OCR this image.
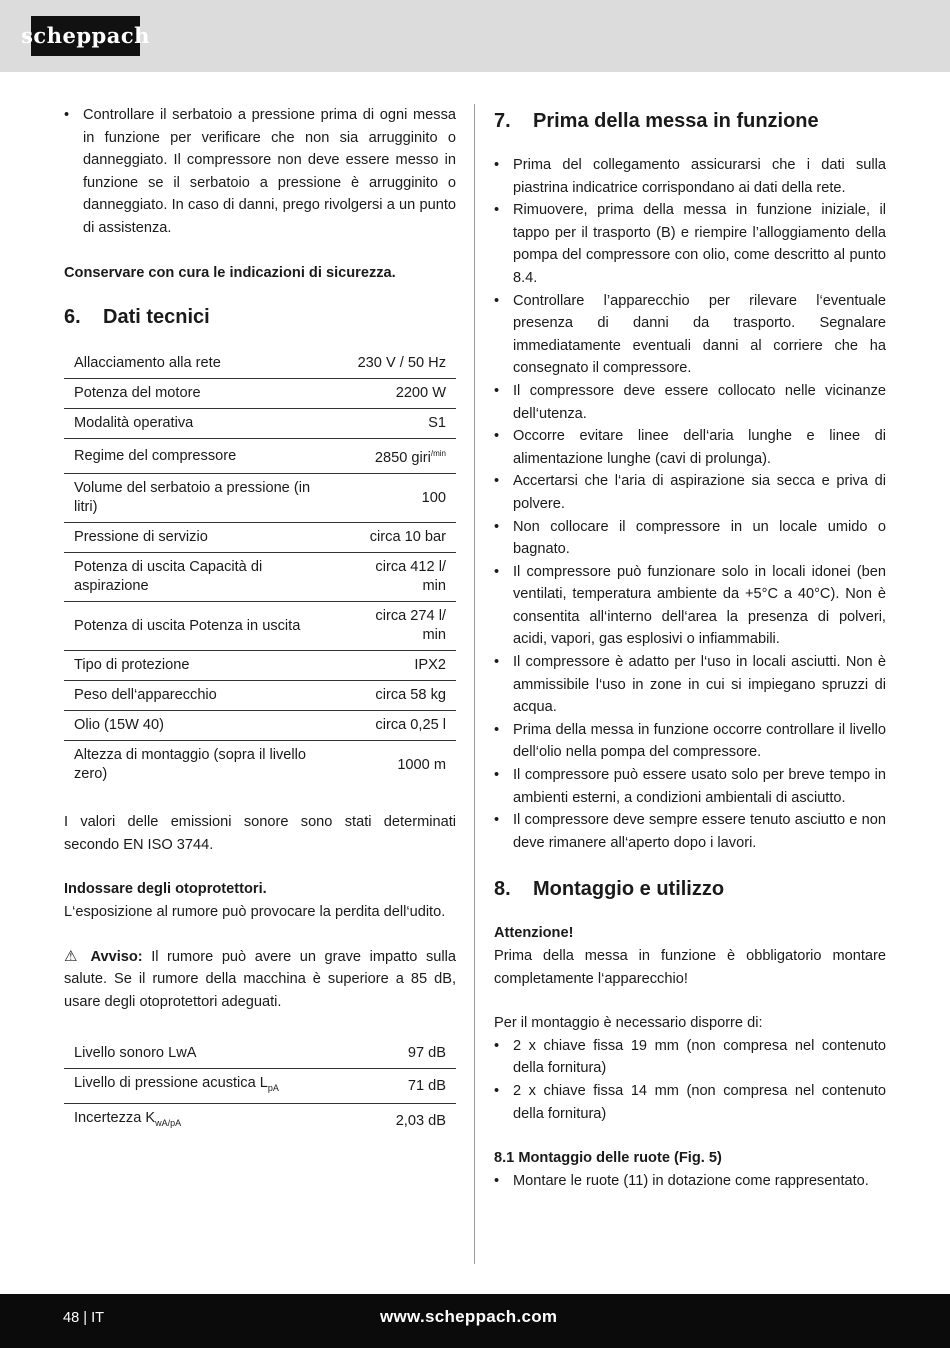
scheppach
• Controllare il serbatoio a pressione prima di ogni messa in funzione per verificare che non sia arrugginito o danneggiato. Il compressore non deve essere messo in funzione se il serbatoio a pressione è arrugginito o danneggiato. In caso di danni, prego rivolgersi a un punto di assistenza.

Conservare con cura le indicazioni di sicurezza.

6.	Dati tecnici
Allacciamento alla rete	230 V / 50 Hz
Potenza del motore	2200 W
Modalità operativa	S1
Regime del compressore	2850 giri$^{/min}$
Volume del serbatoio a pressione (in litri)	100
Pressione di servizio	circa 10 bar
Potenza di uscita Capacità di aspirazione	circa 412 l/ min
Potenza di uscita Potenza in uscita	circa 274 l/ min
Tipo di protezione	IPX2
Peso dell‘apparecchio	circa 58 kg
Olio (15W 40)	circa 0,25 l
Altezza di montaggio (sopra il livello zero)	1000 m

I valori delle emissioni sonore sono stati determinati secondo EN ISO 3744.

Indossare degli otoprotettori.

L‘esposizione al rumore può provocare la perdita dell‘udito.

⚠ Avviso: Il rumore può avere un grave impatto sulla salute. Se il rumore della macchina è superiore a 85 dB, usare degli otoprotettori adeguati.

Livello sonoro LwA	97 dB
Livello di pressione acustica $L_{pA}$	71 dB
Incertezza $K_{wA/pA}$	2,03 dB
7.	Prima della messa in funzione
• Prima del collegamento assicurarsi che i dati sulla piastrina indicatrice corrispondano ai dati della rete.
• Rimuovere, prima della messa in funzione iniziale, il tappo per il trasporto (B) e riempire l’alloggiamento della pompa del compressore con olio, come descritto al punto 8.4.
• Controllare l’apparecchio per rilevare l‘eventuale presenza di danni da trasporto. Segnalare immediatamente eventuali danni al corriere che ha consegnato il compressore.
• Il compressore deve essere collocato nelle vicinanze dell‘utenza.
• Occorre evitare linee dell‘aria lunghe e linee di alimentazione lunghe (cavi di prolunga).
• Accertarsi che l‘aria di aspirazione sia secca e priva di polvere.
• Non collocare il compressore in un locale umido o bagnato.
• Il compressore può funzionare solo in locali idonei (ben ventilati, temperatura ambiente da +5°C a 40°C). Non è consentita all‘interno dell‘area la presenza di polveri, acidi, vapori, gas esplosivi o infiammabili.
• Il compressore è adatto per l‘uso in locali asciutti. Non è ammissibile l‘uso in zone in cui si impiegano spruzzi di acqua.
• Prima della messa in funzione occorre controllare il livello dell‘olio nella pompa del compressore.
• Il compressore può essere usato solo per breve tempo in ambienti esterni, a condizioni ambientali di asciutto.
• Il compressore deve sempre essere tenuto asciutto e non deve rimanere all‘aperto dopo i lavori.
8.	Montaggio e utilizzo

Attenzione!

Prima della messa in funzione è obbligatorio montare completamente l‘apparecchio!

Per il montaggio è necessario disporre di:

• 2 x chiave fissa 19 mm (non compresa nel contenuto della fornitura)
• 2 x chiave fissa 14 mm (non compresa nel contenuto della fornitura)

8.1 Montaggio delle ruote (Fig. 5)

• Montare le ruote (11) in dotazione come rappresentato.
48 | IT	www.scheppach.com
